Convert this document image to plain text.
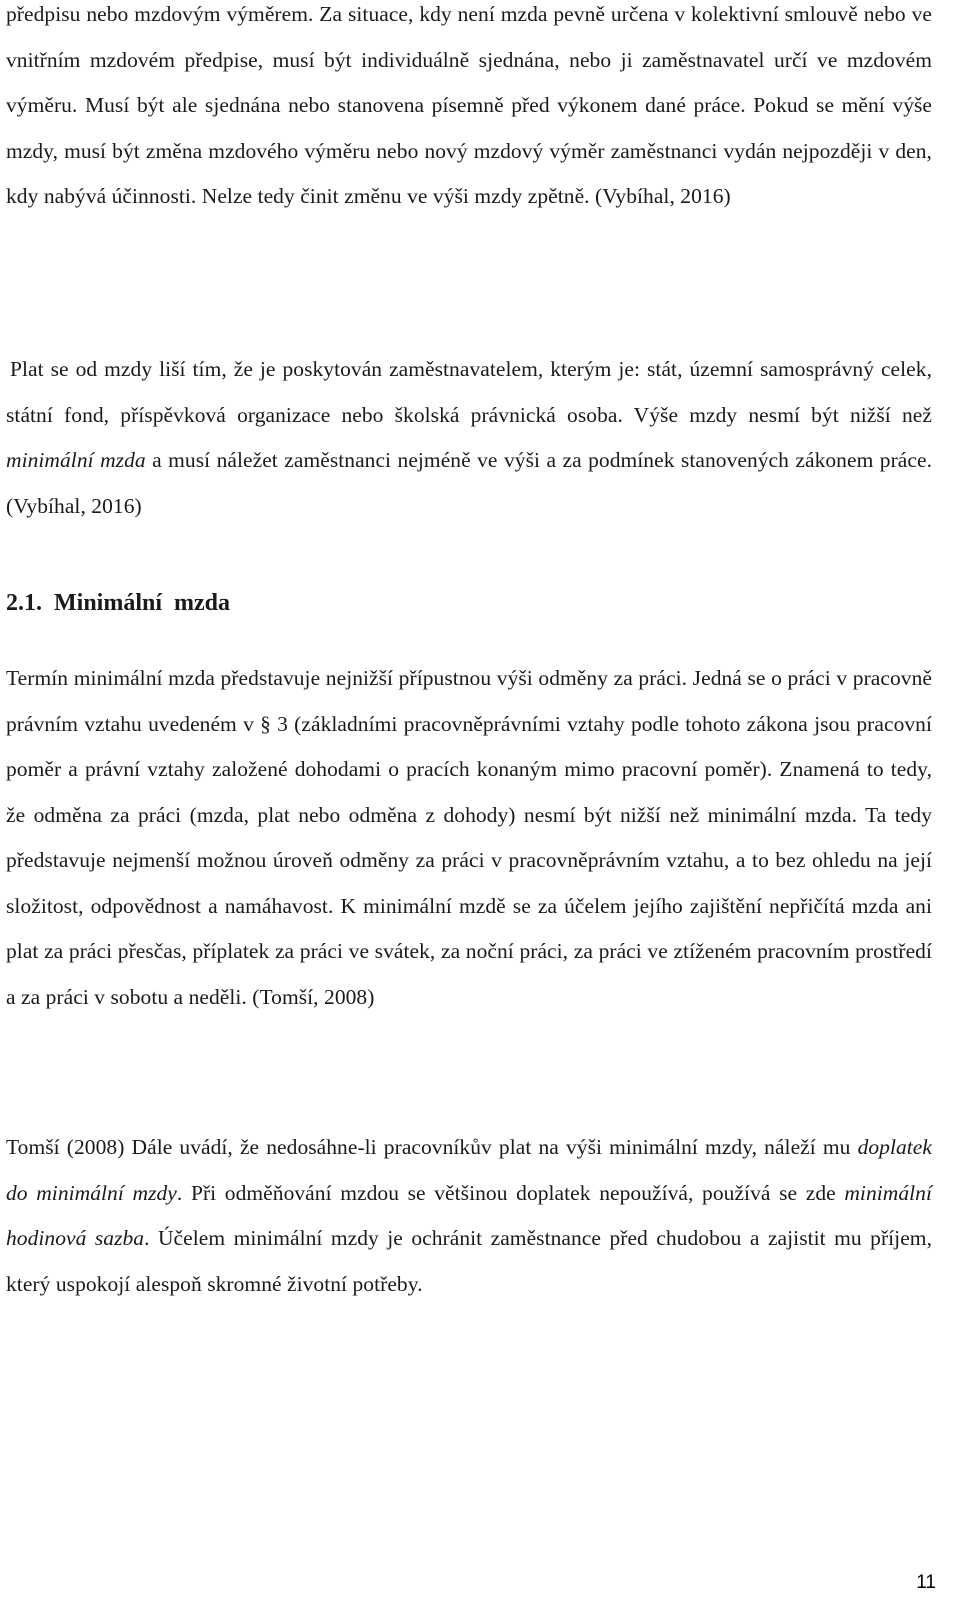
předpisu nebo mzdovým výměrem. Za situace, kdy není mzda pevně určena v kolektivní smlouvě nebo ve vnitřním mzdovém předpise, musí být individuálně sjednána, nebo ji zaměstnavatel určí ve mzdovém výměru. Musí být ale sjednána nebo stanovena písemně před výkonem dané práce. Pokud se mění výše mzdy, musí být změna mzdového výměru nebo nový mzdový výměr zaměstnanci vydán nejpozději v den, kdy nabývá účinnosti. Nelze tedy činit změnu ve výši mzdy zpětně. (Vybíhal, 2016)

Plat se od mzdy liší tím, že je poskytován zaměstnavatelem, kterým je: stát, územní samosprávný celek, státní fond, příspěvková organizace nebo školská právnická osoba. Výše mzdy nesmí být nižší než minimální mzda a musí náležet zaměstnanci nejméně ve výši a za podmínek stanovených zákonem práce. (Vybíhal, 2016)

2.1. Minimální mzda

Termín minimální mzda představuje nejnižší přípustnou výši odměny za práci. Jedná se o práci v pracovně právním vztahu uvedeném v § 3 (základními pracovněprávními vztahy podle tohoto zákona jsou pracovní poměr a právní vztahy založené dohodami o pracích konaným mimo pracovní poměr). Znamená to tedy, že odměna za práci (mzda, plat nebo odměna z dohody) nesmí být nižší než minimální mzda. Ta tedy představuje nejmenší možnou úroveň odměny za práci v pracovněprávním vztahu, a to bez ohledu na její složitost, odpovědnost a namáhavost. K minimální mzdě se za účelem jejího zajištění nepřičítá mzda ani plat za práci přesčas, příplatek za práci ve svátek, za noční práci, za práci ve ztíženém pracovním prostředí a za práci v sobotu a neděli. (Tomší, 2008)

Tomší (2008) Dále uvádí, že nedosáhne-li pracovníkův plat na výši minimální mzdy, náleží mu doplatek do minimální mzdy. Při odměňování mzdou se většinou doplatek nepoužívá, používá se zde minimální hodinová sazba. Účelem minimální mzdy je ochránit zaměstnance před chudobou a zajistit mu příjem, který uspokojí alespoň skromné životní potřeby.

11
